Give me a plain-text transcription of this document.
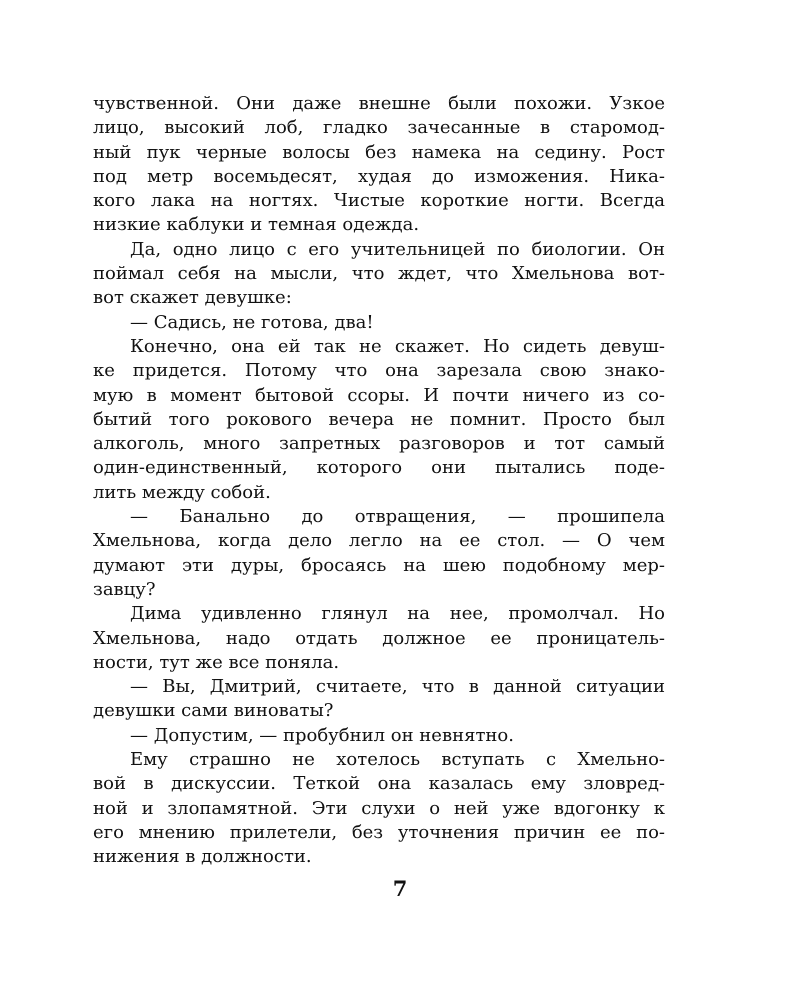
чувственной. Они даже внешне были похожи. Узкое
лицо, высокий лоб, гладко зачесанные в старомод-
ный пук черные волосы без намека на седину. Рост
под метр восемьдесят, худая до изможения. Ника-
кого лака на ногтях. Чистые короткие ногти. Всегда
низкие каблуки и темная одежда.
Да, одно лицо с его учительницей по биологии. Он
поймал себя на мысли, что ждет, что Хмельнова вот-
вот скажет девушке:
— Садись, не готова, два!
Конечно, она ей так не скажет. Но сидеть девуш-
ке придется. Потому что она зарезала свою знако-
мую в момент бытовой ссоры. И почти ничего из со-
бытий того рокового вечера не помнит. Просто был
алкоголь, много запретных разговоров и тот самый
один-единственный, которого они пытались поде-
лить между собой.
— Банально до отвращения, — прошипела
Хмельнова, когда дело легло на ее стол. — О чем
думают эти дуры, бросаясь на шею подобному мер-
завцу?
Дима удивленно глянул на нее, промолчал. Но
Хмельнова, надо отдать должное ее проницатель-
ности, тут же все поняла.
— Вы, Дмитрий, считаете, что в данной ситуации
девушки сами виноваты?
— Допустим, — пробубнил он невнятно.
Ему страшно не хотелось вступать с Хмельно-
вой в дискуссии. Теткой она казалась ему зловред-
ной и злопамятной. Эти слухи о ней уже вдогонку к
его мнению прилетели, без уточнения причин ее по-
нижения в должности.
7
